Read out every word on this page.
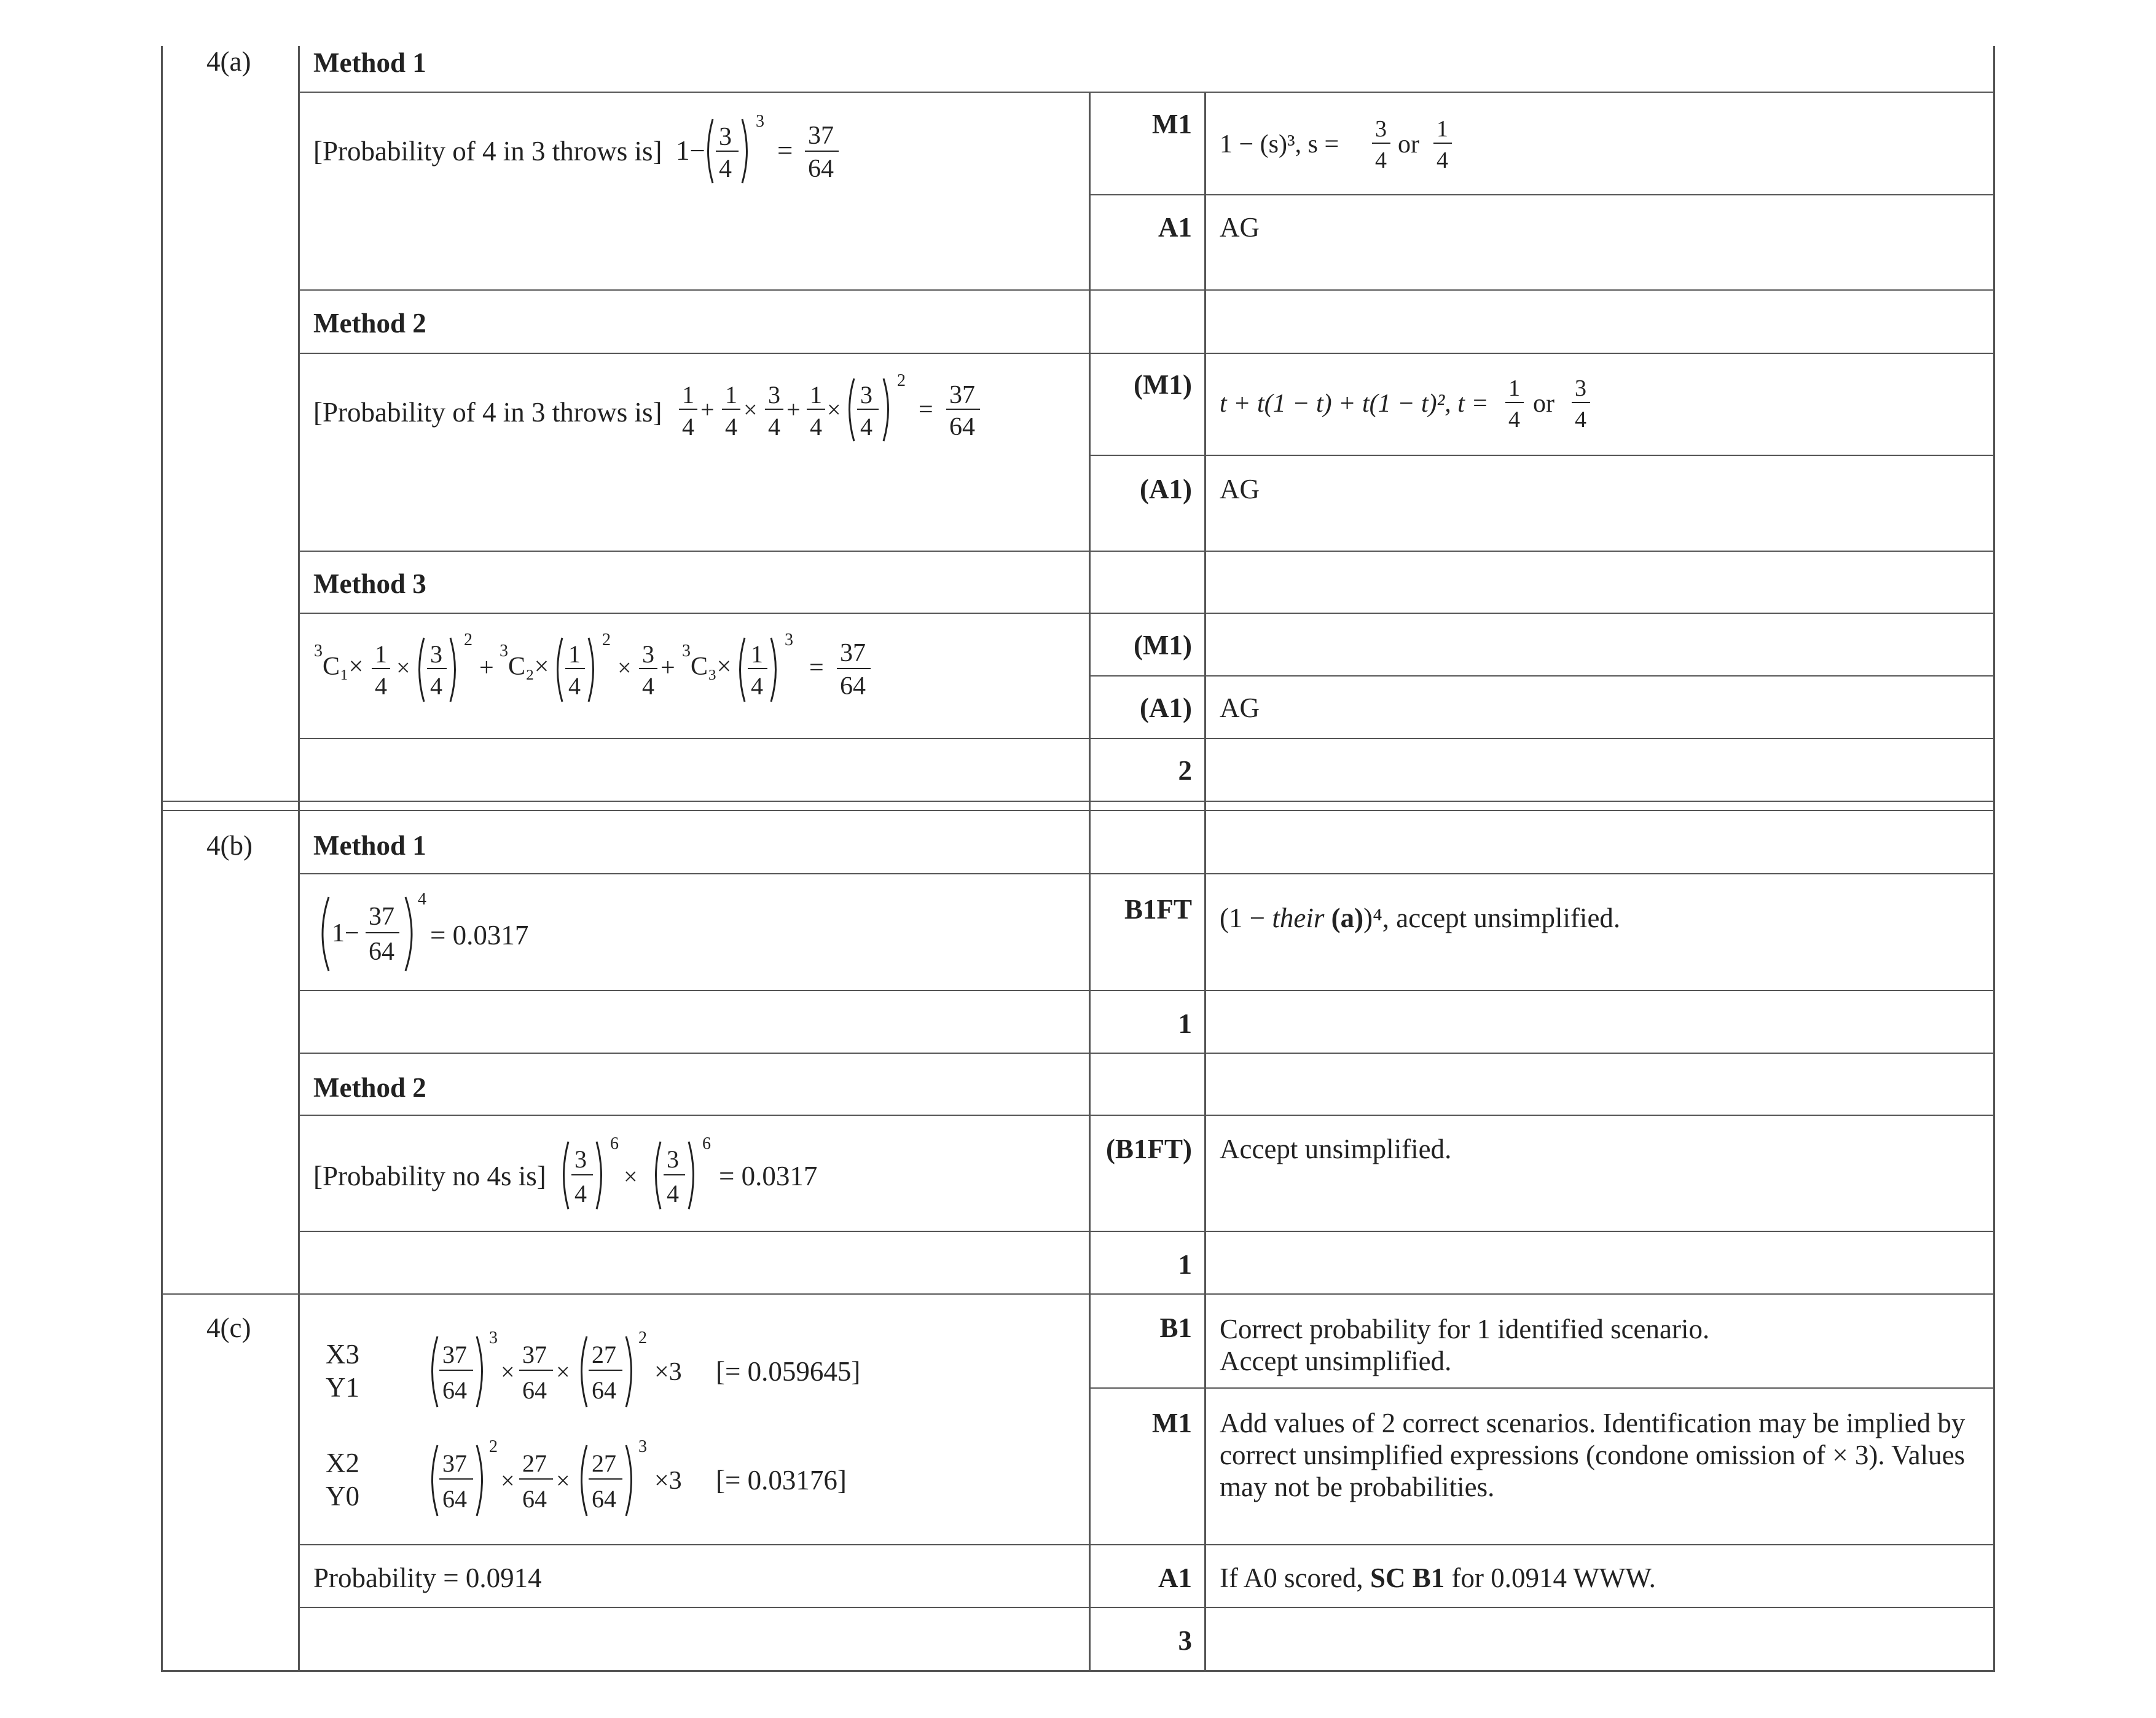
4(a) Method 1
[Probability of 4 in 3 throws is] 1− 3
4
3
= 37
64
M1
A1 AG
1 − (s)³, s =
3
4
or
1
4
Method 2
[Probability of 4 in 3 throws is]
1
4
+
1
4
×
3
4
+
1
4
×
3
4
2
=
37
64
(M1)
(A1) AG
t + t(1 − t) + t(1 − t)², t =
1
4
or
3
4
Method 3
3
C₁× 1
4
× 3
4
2
+
3
C₂× 1
4
2
× 3
4
+
3
C₃× 1
4
3
=
37
64
(M1)
(A1) AG
2
4(b) Method 1
1−
37
64
4
= 0.0317
B1FT (1 − their (a))⁴, accept unsimplified.
1
Method 2
[Probability no 4s is]
3
4
6
×
3
4
6
= 0.0317
(B1FT) Accept unsimplified.
1
4(c)
X3
Y1
37
64
3
×
37
64
×
27
64
2
×3 [= 0.059645]
X2
Y0
37
64
2
×
27
64
×
27
64
3
×3 [= 0.03176]
B1 Correct probability for 1 identified scenario.
Accept unsimplified.
M1 Add values of 2 correct scenarios. Identification may be implied by
correct unsimplified expressions (condone omission of × 3). Values
may not be probabilities.
Probability = 0.0914	A1 If A0 scored, SC B1 for 0.0914 WWW.
3
